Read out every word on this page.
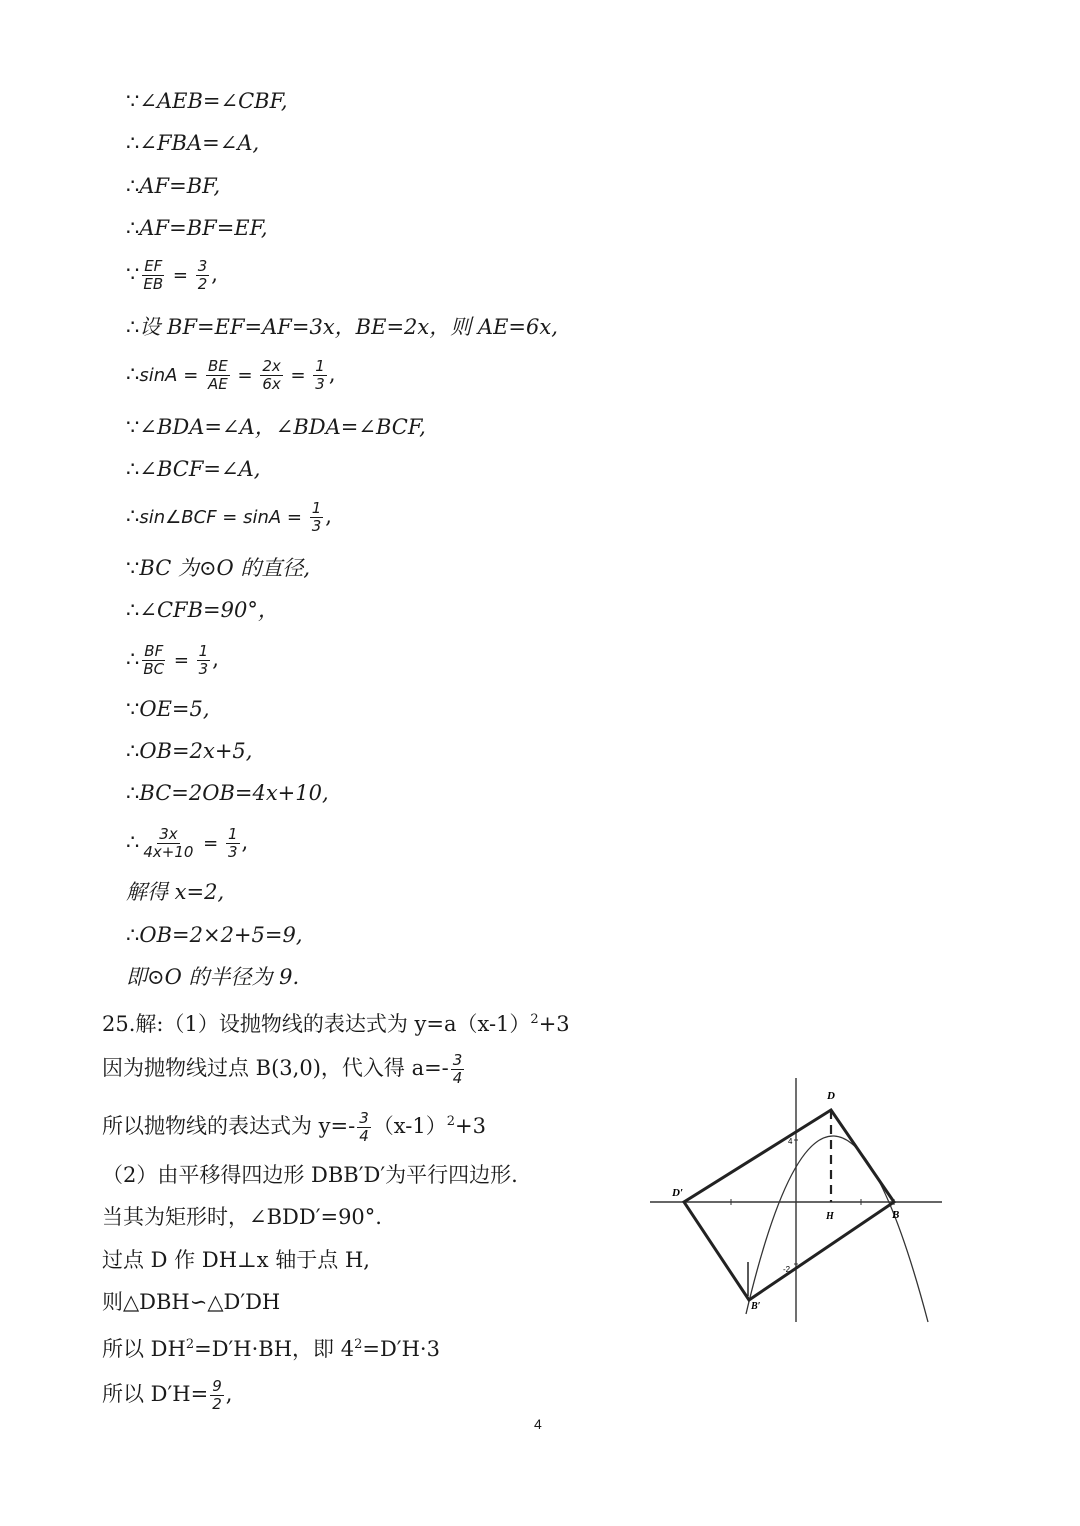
∵∠AEB=∠CBF,
∴∠FBA=∠A,
∴AF=BF,
∴AF=BF=EF,
∵ $\frac{EF}{EB} = \frac{3}{2}$ ,
∴设 BF=EF=AF=3x，BE=2x，则 AE=6x,
∴sinA = $\frac{BE}{AE} = \frac{2x}{6x} = \frac{1}{3}$ ,
∵∠BDA=∠A，∠BDA=∠BCF,
∴∠BCF=∠A,
∴sin∠BCF = $\sin A = \frac{1}{3}$ ,
∵BC 为⊙O 的直径,
∴∠CFB=90°，
∴ $\frac{BF}{BC} = \frac{1}{3}$ ,
∵OE=5,
∴OB=2x+5,
∴BC=2OB=4x+10,
∴ $\frac{3x}{4x+10} = \frac{1}{3}$ ,
解得 x=2,
∴OB=2×2+5=9,
即⊙O 的半径为 9.
25.解:（1）设抛物线的表达式为 $y=a(x-1)^2+3$
因为抛物线过点 B(3,0)，代入得 $a=- \frac{3}{4}$
所以抛物线的表达式为 $y=- \frac{3}{4} (x-1)^2+3$
（2）由平移得四边形 DBB′D′为平行四边形.
当其为矩形时，∠BDD′=90°.
过点 D 作 DH⊥x 轴于点 H,
则△DBH∽△D′DH
所以 $DH^2=D'H\cdot BH$，即 $4^2=D'H\cdot 3$
所以 $D'H= \frac{9}{2}$ ,
D
D′
B
B′
H
4
-2
4
